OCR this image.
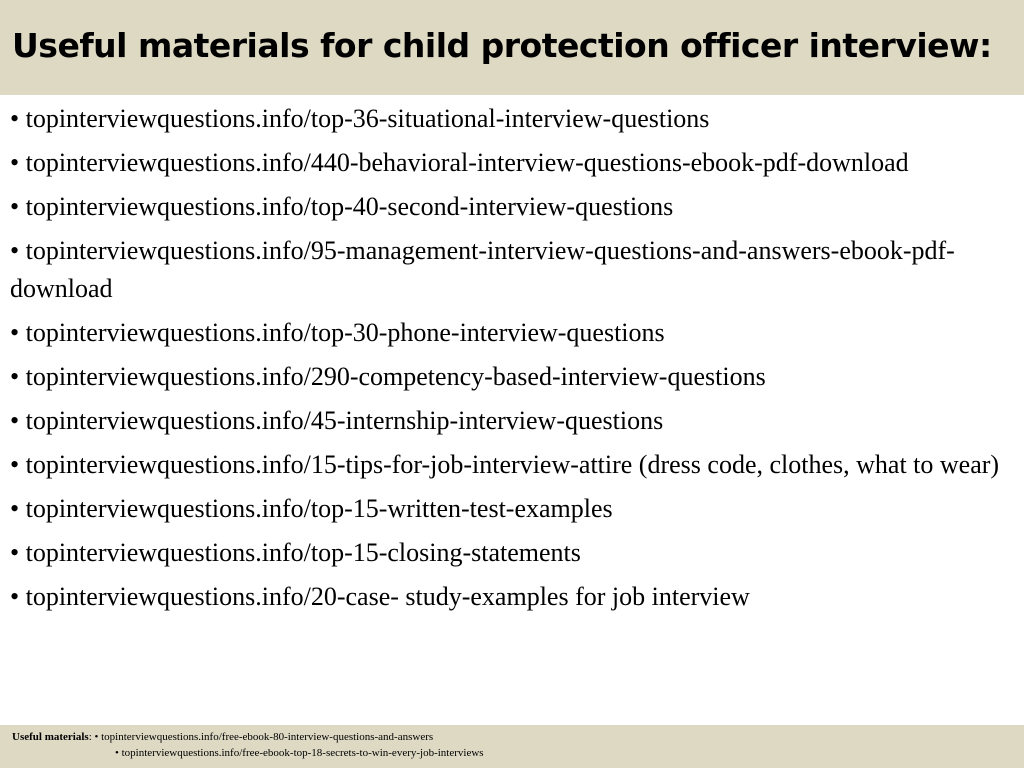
Useful materials for child protection officer interview:
• topinterviewquestions.info/top-36-situational-interview-questions
• topinterviewquestions.info/440-behavioral-interview-questions-ebook-pdf-download
• topinterviewquestions.info/top-40-second-interview-questions
• topinterviewquestions.info/95-management-interview-questions-and-answers-ebook-pdf-download
• topinterviewquestions.info/top-30-phone-interview-questions
• topinterviewquestions.info/290-competency-based-interview-questions
• topinterviewquestions.info/45-internship-interview-questions
• topinterviewquestions.info/15-tips-for-job-interview-attire (dress code, clothes, what to wear)
• topinterviewquestions.info/top-15-written-test-examples
• topinterviewquestions.info/top-15-closing-statements
• topinterviewquestions.info/20-case- study-examples for job interview
Useful materials: • topinterviewquestions.info/free-ebook-80-interview-questions-and-answers
• topinterviewquestions.info/free-ebook-top-18-secrets-to-win-every-job-interviews
